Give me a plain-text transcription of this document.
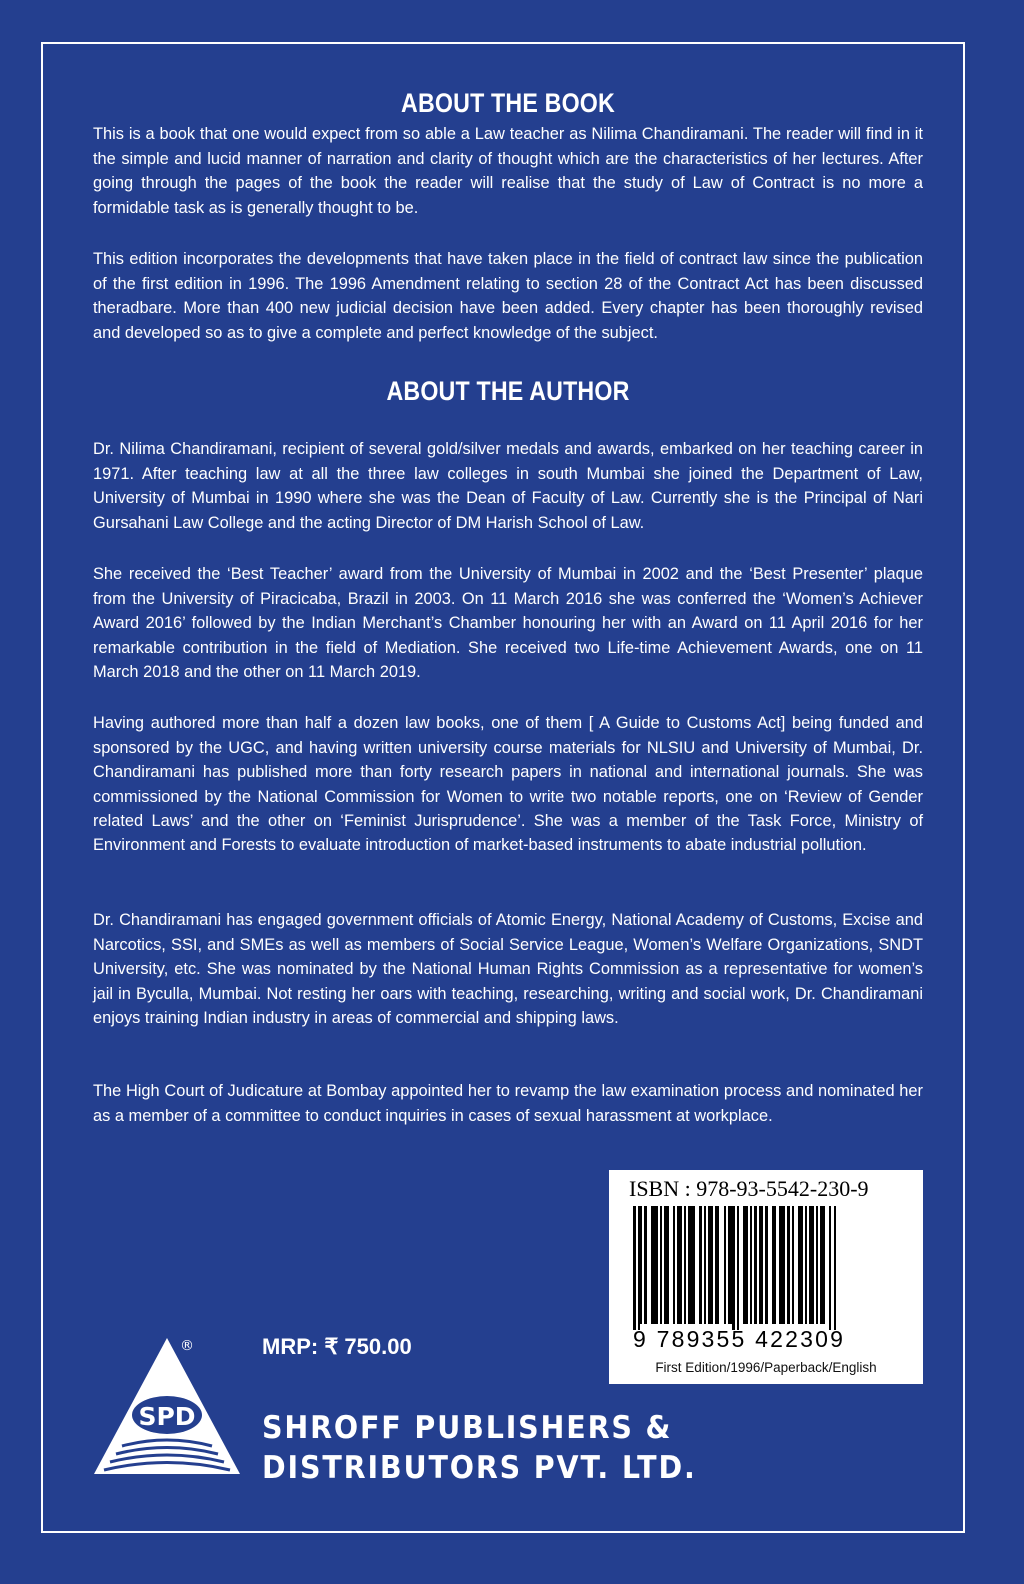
ABOUT THE BOOK

This is a book that one would expect from so able a Law teacher as Nilima Chandiramani. The reader will find in it the simple and lucid manner of narration and clarity of thought which are the characteristics of her lectures. After going through the pages of the book the reader will realise that the study of Law of Contract is no more a formidable task as is generally thought to be.

This edition incorporates the developments that have taken place in the field of contract law since the publication of the first edition in 1996. The 1996 Amendment relating to section 28 of the Contract Act has been discussed theradbare. More than 400 new judicial decision have been added. Every chapter has been thoroughly revised and developed so as to give a complete and perfect knowledge of the subject.

ABOUT THE AUTHOR

Dr. Nilima Chandiramani, recipient of several gold/silver medals and awards, embarked on her teaching career in 1971. After teaching law at all the three law colleges in south Mumbai she joined the Department of Law, University of Mumbai in 1990 where she was the Dean of Faculty of Law. Currently she is the Principal of Nari Gursahani Law College and the acting Director of DM Harish School of Law.

She received the ‘Best Teacher’ award from the University of Mumbai in 2002 and the ‘Best Presenter’ plaque from the University of Piracicaba, Brazil in 2003. On 11 March 2016 she was conferred the ‘Women’s Achiever Award 2016’ followed by the Indian Merchant’s Chamber honouring her with an Award on 11 April 2016 for her remarkable contribution in the field of Mediation. She received two Life-time Achievement Awards, one on 11 March 2018 and the other on 11 March 2019.

Having authored more than half a dozen law books, one of them [ A Guide to Customs Act] being funded and sponsored by the UGC, and having written university course materials for NLSIU and University of Mumbai, Dr. Chandiramani has published more than forty research papers in national and international journals. She was commissioned by the National Commission for Women to write two notable reports, one on ‘Review of Gender related Laws’ and the other on ‘Feminist Jurisprudence’. She was a member of the Task Force, Ministry of Environment and Forests to evaluate introduction of market-based instruments to abate industrial pollution.

Dr. Chandiramani has engaged government officials of Atomic Energy, National Academy of Customs, Excise and Narcotics, SSI, and SMEs as well as members of Social Service League, Women’s Welfare Organizations, SNDT University, etc. She was nominated by the National Human Rights Commission as a representative for women’s jail in Byculla, Mumbai. Not resting her oars with teaching, researching, writing and social work, Dr. Chandiramani enjoys training Indian industry in areas of commercial and shipping laws.

The High Court of Judicature at Bombay appointed her to revamp the law examination process and nominated her as a member of a committee to conduct inquiries in cases of sexual harassment at workplace.

ISBN : 978-93-5542-230-9
9 789355 422309
First Edition/1996/Paperback/English
MRP: ₹ 750.00
SPD
®
SHROFF PUBLISHERS &
DISTRIBUTORS PVT. LTD.
